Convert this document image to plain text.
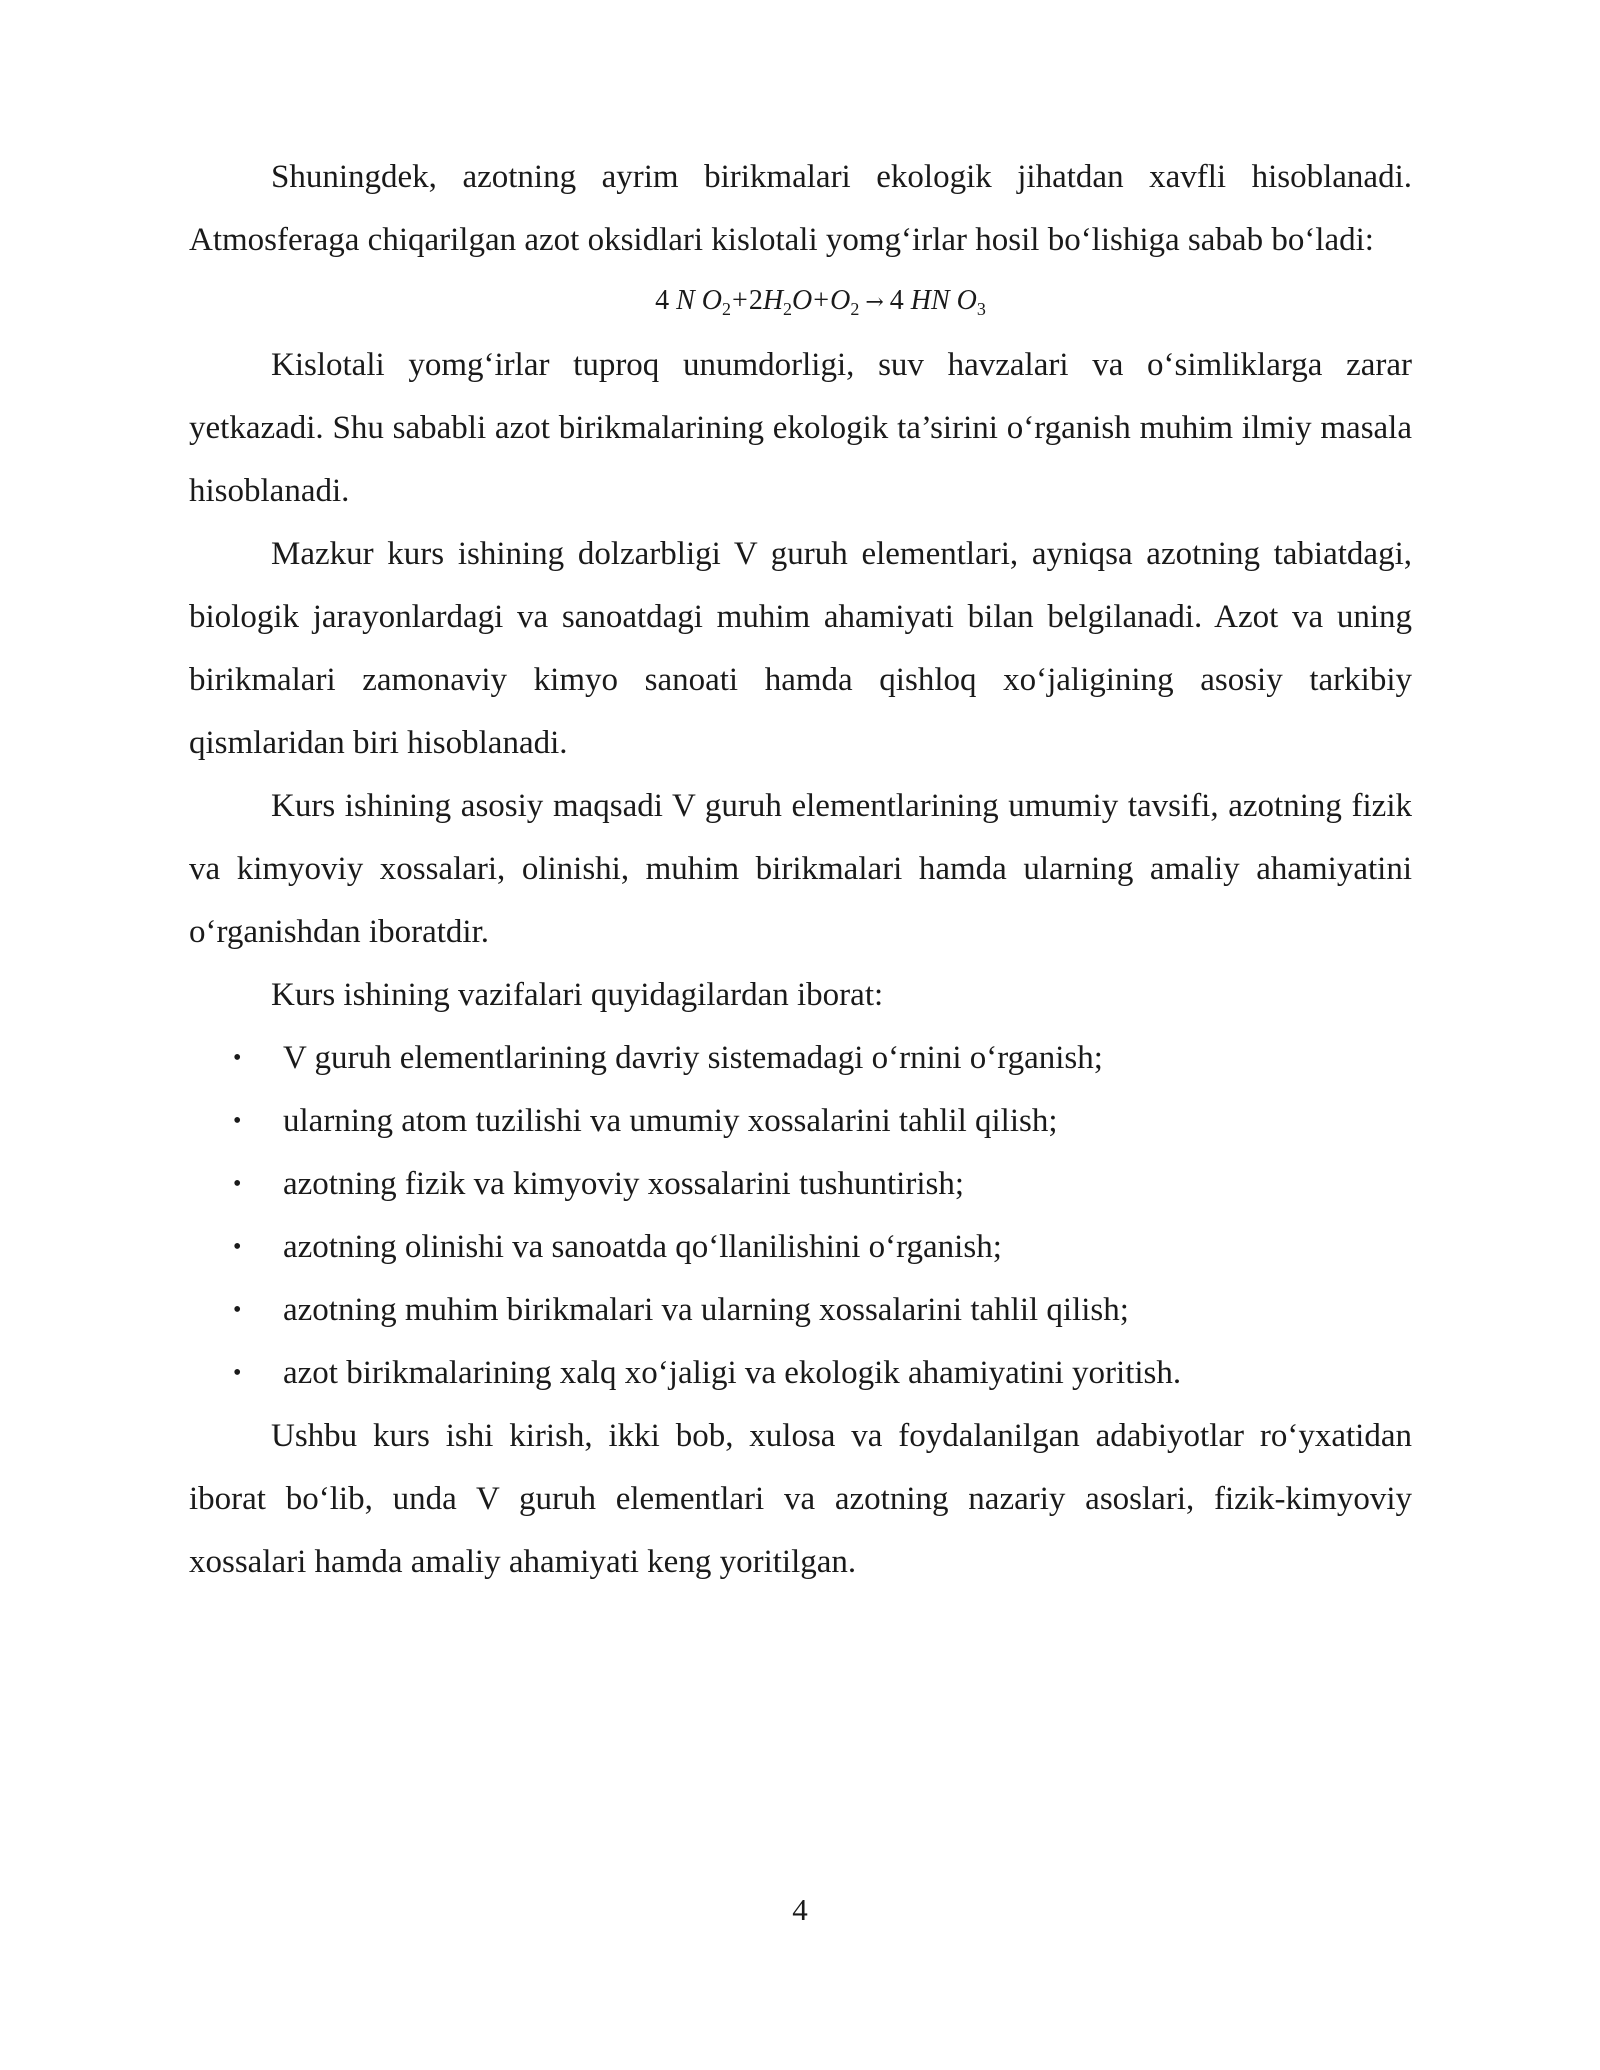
Shuningdek, azotning ayrim birikmalari ekologik jihatdan xavfli hisoblanadi. Atmosferaga chiqarilgan azot oksidlari kislotali yomg‘irlar hosil bo‘lishiga sabab bo‘ladi:

4 N $O_2+2H_2O+O_2 \to 4$ HN $O_3$

Kislotali yomg‘irlar tuproq unumdorligi, suv havzalari va o‘simliklarga zarar yetkazadi. Shu sababli azot birikmalarining ekologik ta’sirini o‘rganish muhim ilmiy masala hisoblanadi.

Mazkur kurs ishining dolzarbligi V guruh elementlari, ayniqsa azotning tabiatdagi, biologik jarayonlardagi va sanoatdagi muhim ahamiyati bilan belgilanadi. Azot va uning birikmalari zamonaviy kimyo sanoati hamda qishloq xo‘jaligining asosiy tarkibiy qismlaridan biri hisoblanadi.

Kurs ishining asosiy maqsadi V guruh elementlarining umumiy tavsifi, azotning fizik va kimyoviy xossalari, olinishi, muhim birikmalari hamda ularning amaliy ahamiyatini o‘rganishdan iboratdir.

Kurs ishining vazifalari quyidagilardan iborat:

• V guruh elementlarining davriy sistemadagi o‘rnini o‘rganish;
• ularning atom tuzilishi va umumiy xossalarini tahlil qilish;
• azotning fizik va kimyoviy xossalarini tushuntirish;
• azotning olinishi va sanoatda qo‘llanilishini o‘rganish;
• azotning muhim birikmalari va ularning xossalarini tahlil qilish;
• azot birikmalarining xalq xo‘jaligi va ekologik ahamiyatini yoritish.

Ushbu kurs ishi kirish, ikki bob, xulosa va foydalanilgan adabiyotlar ro‘yxatidan iborat bo‘lib, unda V guruh elementlari va azotning nazariy asoslari, fizik-kimyoviy xossalari hamda amaliy ahamiyati keng yoritilgan.

4
